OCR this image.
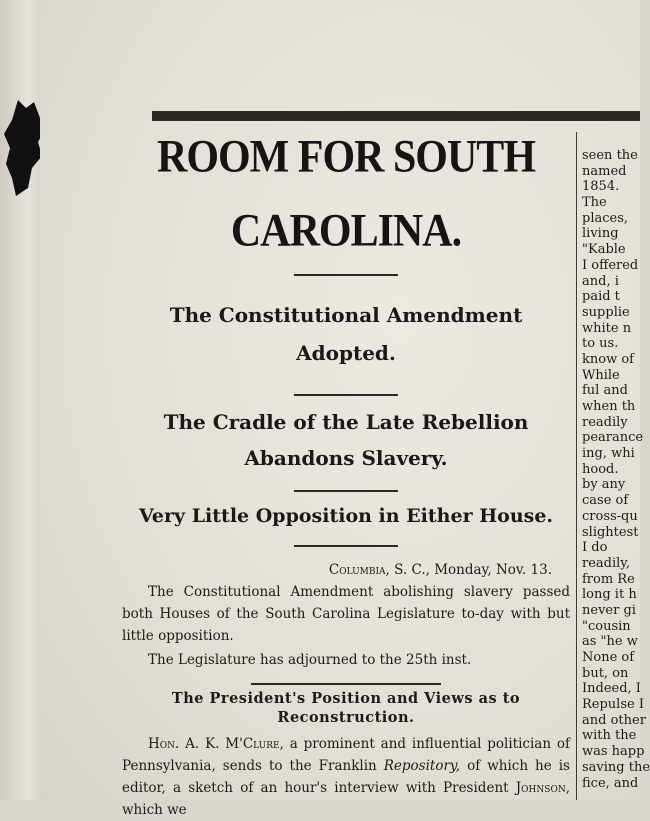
ROOM FOR SOUTH CAROLINA.
The Constitutional Amendment Adopted.
The Cradle of the Late Rebellion Abandons Slavery.
Very Little Opposition in Either House.
Columbia, S. C., Monday, Nov. 13.

The Constitutional Amendment abolishing slavery passed both Houses of the South Carolina Legislature to-day with but little opposition.

The Legislature has adjourned to the 25th inst.

The President's Position and Views as to Reconstruction.

Hon. A. K. M'Clure, a prominent and influential politician of Pennsylvania, sends to the Franklin Repository, of which he is editor, a sketch of an hour's interview with President Johnson, which we

seen the
named
1854.
The
places,
living
"Kable
I offered
and, i
paid t
supplie
white n
to us.
know of
While
ful and
when th
readily
pearance
ing, whi
hood.
by any
case of
cross-qu
slightest
I do
readily,
from Re
long it h
never gi
"cousin
as "he w
None of
but, on
Indeed, I
Repulse I
and other
with the
was happ
saving the
fice, and
